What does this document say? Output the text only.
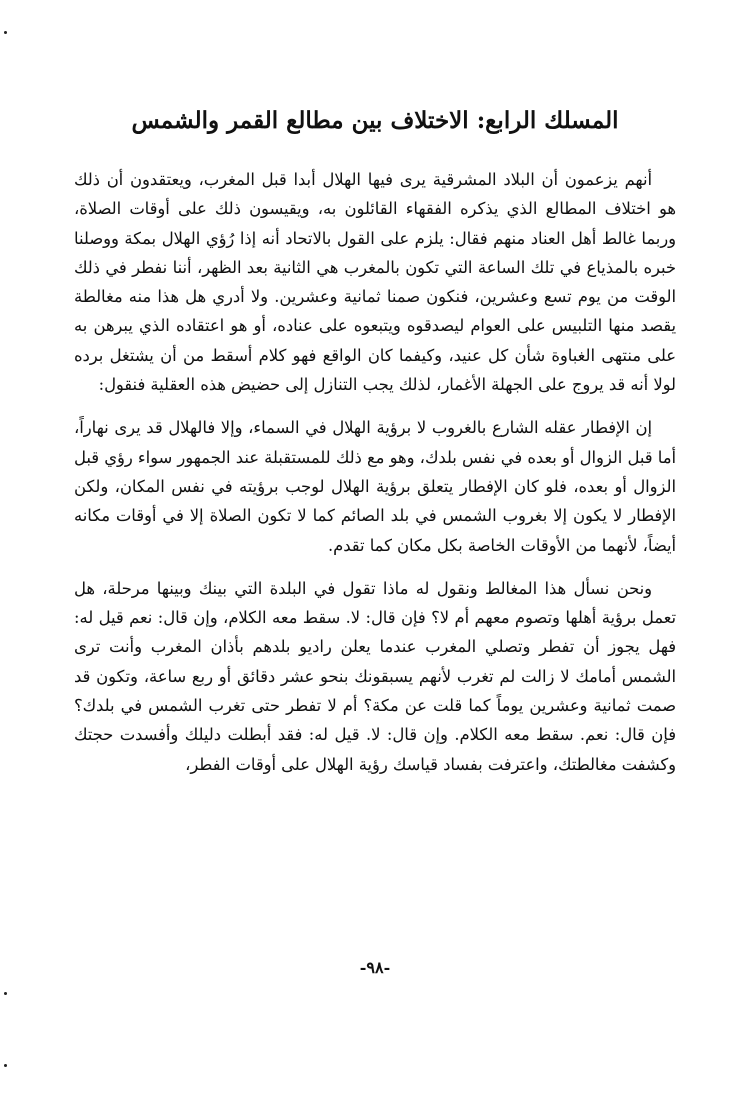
المسلك الرابع: الاختلاف بين مطالع القمر والشمس

أنهم يزعمون أن البلاد المشرقية يرى فيها الهلال أبدا قبل المغرب، ويعتقدون أن ذلك هو اختلاف المطالع الذي يذكره الفقهاء القائلون به، ويقيسون ذلك على أوقات الصلاة، وربما غالط أهل العناد منهم فقال: يلزم على القول بالاتحاد أنه إذا رُؤي الهلال بمكة ووصلنا خبره بالمذياع في تلك الساعة التي تكون بالمغرب هي الثانية بعد الظهر، أننا نفطر في ذلك الوقت من يوم تسع وعشرين، فنكون صمنا ثمانية وعشرين. ولا أدري هل هذا منه مغالطة يقصد منها التلبيس على العوام ليصدقوه ويتبعوه على عناده، أو هو اعتقاده الذي يبرهن به على منتهى الغباوة شأن كل عنيد، وكيفما كان الواقع فهو كلام أسقط من أن يشتغل برده لولا أنه قد يروج على الجهلة الأغمار، لذلك يجب التنازل إلى حضيض هذه العقلية فنقول:

إن الإفطار عقله الشارع بالغروب لا برؤية الهلال في السماء، وإلا فالهلال قد يرى نهاراً، أما قبل الزوال أو بعده في نفس بلدك، وهو مع ذلك للمستقبلة عند الجمهور سواء رؤي قبل الزوال أو بعده، فلو كان الإفطار يتعلق برؤية الهلال لوجب برؤيته في نفس المكان، ولكن الإفطار لا يكون إلا بغروب الشمس في بلد الصائم كما لا تكون الصلاة إلا في أوقات مكانه أيضاً، لأنهما من الأوقات الخاصة بكل مكان كما تقدم.

ونحن نسأل هذا المغالط ونقول له ماذا تقول في البلدة التي بينك وبينها مرحلة، هل تعمل برؤية أهلها وتصوم معهم أم لا؟ فإن قال: لا. سقط معه الكلام، وإن قال: نعم قيل له: فهل يجوز أن تفطر وتصلي المغرب عندما يعلن راديو بلدهم بأذان المغرب وأنت ترى الشمس أمامك لا زالت لم تغرب لأنهم يسبقونك بنحو عشر دقائق أو ربع ساعة، وتكون قد صمت ثمانية وعشرين يوماً كما قلت عن مكة؟ أم لا تفطر حتى تغرب الشمس في بلدك؟ فإن قال: نعم. سقط معه الكلام. وإن قال: لا. قيل له: فقد أبطلت دليلك وأفسدت حجتك وكشفت مغالطتك، واعترفت بفساد قياسك رؤية الهلال على أوقات الفطر،

-٩٨-
